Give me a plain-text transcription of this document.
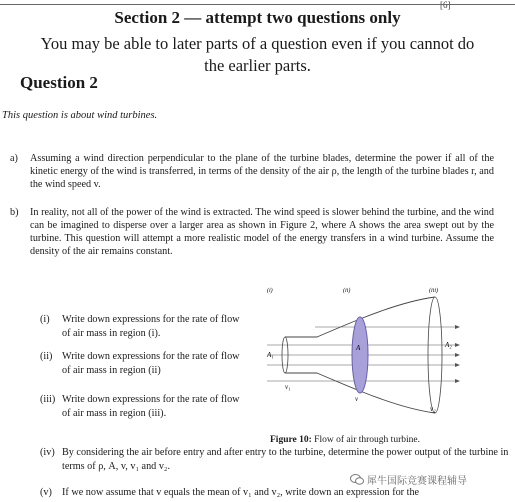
[6]
Section 2 — attempt two questions only
You may be able to later parts of a question even if you cannot do the earlier parts.
Question 2
This question is about wind turbines.
a)	Assuming a wind direction perpendicular to the plane of the turbine blades, determine the power if all of the kinetic energy of the wind is transferred, in terms of the density of the air ρ, the length of the turbine blades r, and the wind speed v.
b)	In reality, not all of the power of the wind is extracted. The wind speed is slower behind the turbine, and the wind can be imagined to disperse over a larger area as shown in Figure 2, where A shows the area swept out by the turbine. This question will attempt a more realistic model of the energy transfers in a wind turbine. Assume the density of the air remains constant.
(i)	Write down expressions for the rate of flow of air mass in region (i).
(ii) Write down expressions for the rate of flow of air mass in region (ii)
(iii) Write down expressions for the rate of flow of air mass in region (iii).
(i)	(ii)	(iii)
A₁
A	A₂
v₁
v
v₂
Figure 10: Flow of air through turbine.
(iv) By considering the air before entry and after entry to the turbine, determine the power output of the turbine in terms of ρ, A, v, v₁ and v₂.
犀牛国际竞赛课程辅导
(v) If we now assume that v equals the mean of v₁ and v₂, write down an expression for the
